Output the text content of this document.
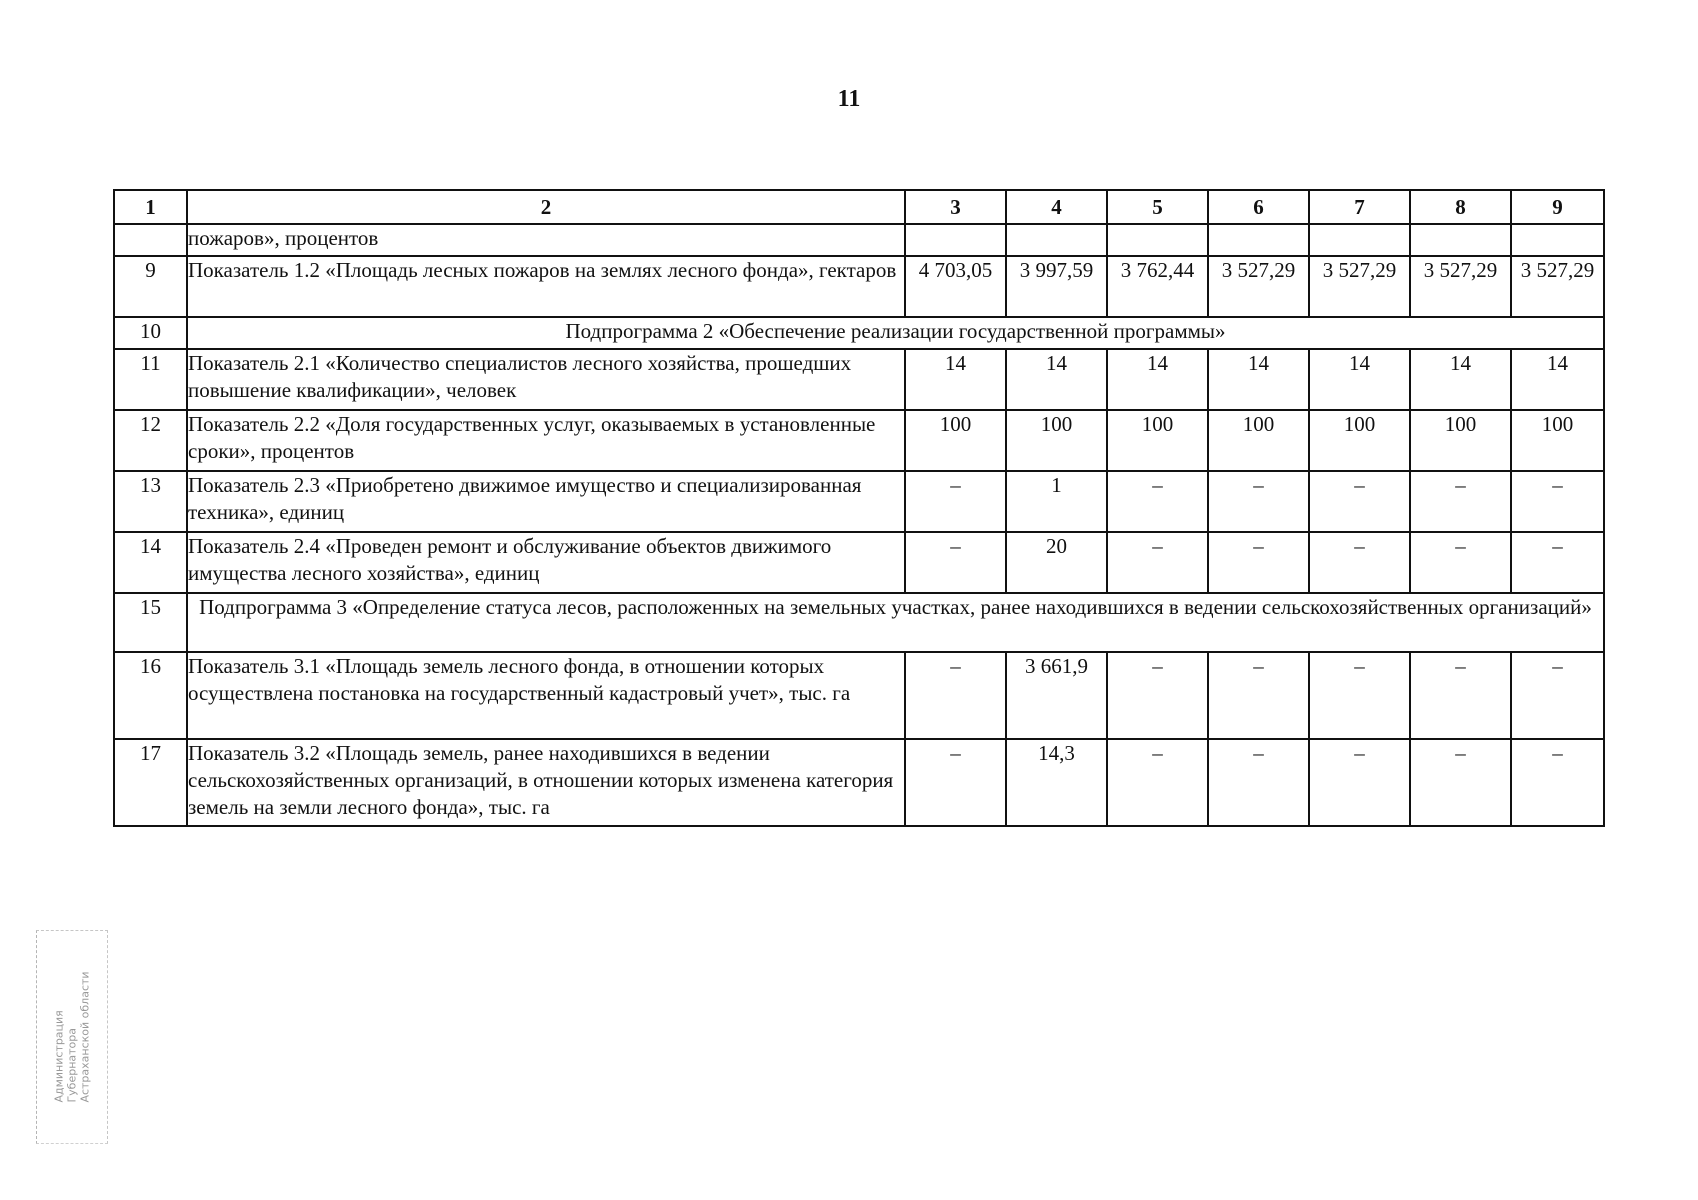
11
1	2	3	4	5	6	7	8	9
	пожаров», процентов							
9	Показатель 1.2 «Площадь лесных пожаров на землях лесного фонда», гектаров	4 703,05	3 997,59	3 762,44	3 527,29	3 527,29	3 527,29	3 527,29
10	Подпрограмма 2 «Обеспечение реализации государственной программы»							
11	Показатель 2.1 «Количество специалистов лесного хозяйства, прошедших повышение квалификации», человек	14	14	14	14	14	14	14
12	Показатель 2.2 «Доля государственных услуг, оказываемых в установленные сроки», процентов	100	100	100	100	100	100	100
13	Показатель 2.3 «Приобретено движимое имущество и специализированная техника», единиц	–	1	–	–	–	–	–
14	Показатель 2.4 «Проведен ремонт и обслуживание объектов движимого имущества лесного хозяйства», единиц	–	20	–	–	–	–	–
15	Подпрограмма 3 «Определение статуса лесов, расположенных на земельных участках, ранее находившихся в ведении сельскохозяйственных организаций»							
16	Показатель 3.1 «Площадь земель лесного фонда, в отношении которых осуществлена постановка на государственный кадастровый учет», тыс. га	–	3 661,9	–	–	–	–	–
17	Показатель 3.2 «Площадь земель, ранее находившихся в ведении сельскохозяйственных организаций, в отношении которых изменена категория земель на земли лесного фонда», тыс. га	–	14,3	–	–	–	–	–
Администрация
Губернатора
Астраханской области
